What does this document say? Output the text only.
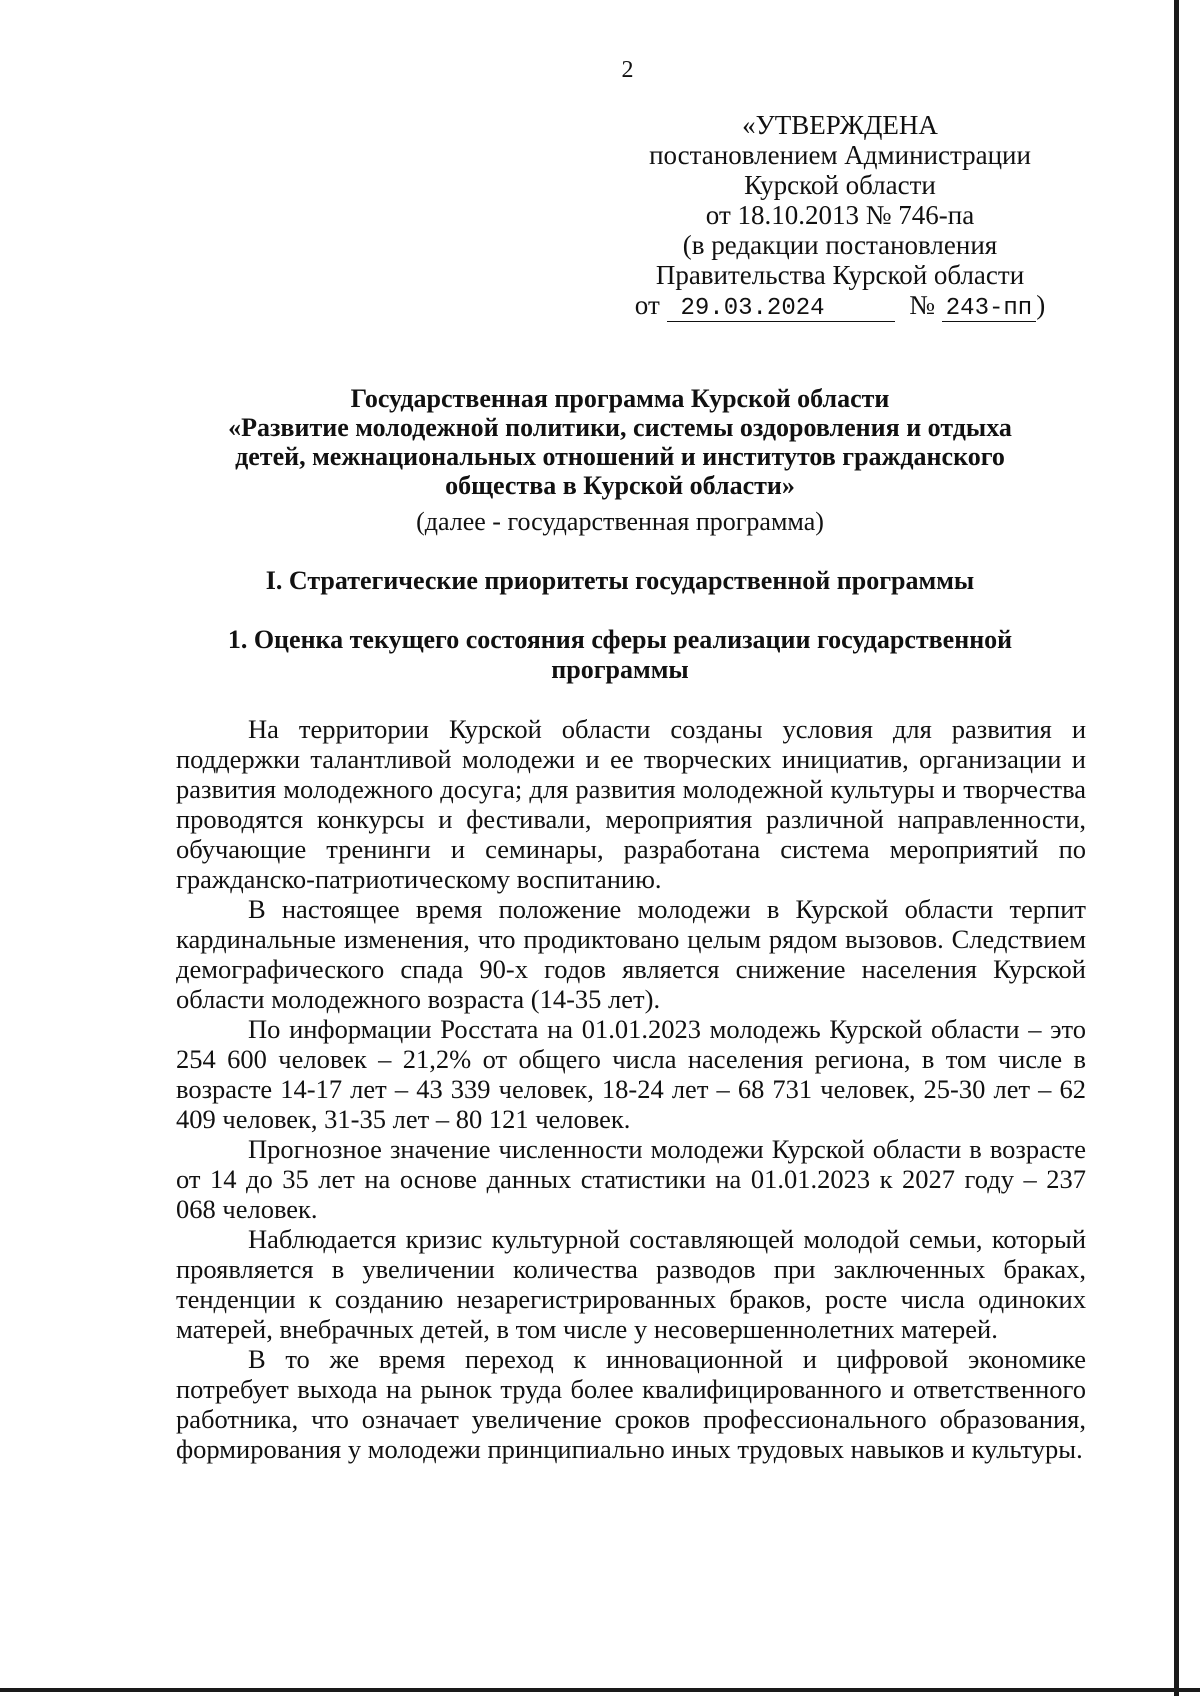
2
«УТВЕРЖДЕНА
постановлением Администрации
Курской области
от 18.10.2013 № 746-па
(в редакции постановления
Правительства Курской области
от 29.03.2024	№ 243-пп )
Государственная программа Курской области
«Развитие молодежной политики, системы оздоровления и отдыха
детей, межнациональных отношений и институтов гражданского
общества в Курской области»
(далее - государственная программа)
I. Стратегические приоритеты государственной программы
1. Оценка текущего состояния сферы реализации государственной
программы

На территории Курской области созданы условия для развития и поддержки талантливой молодежи и ее творческих инициатив, организации и развития молодежного досуга; для развития молодежной культуры и творчества проводятся конкурсы и фестивали, мероприятия различной направленности, обучающие тренинги и семинары, разработана система мероприятий по гражданско-патриотическому воспитанию.

В настоящее время положение молодежи в Курской области терпит кардинальные изменения, что продиктовано целым рядом вызовов. Следствием демографического спада 90-х годов является снижение населения Курской области молодежного возраста (14-35 лет).

По информации Росстата на 01.01.2023 молодежь Курской области – это 254 600 человек – 21,2% от общего числа населения региона, в том числе в возрасте 14-17 лет – 43 339 человек, 18-24 лет – 68 731 человек, 25-30 лет – 62 409 человек, 31-35 лет – 80 121 человек.

Прогнозное значение численности молодежи Курской области в возрасте от 14 до 35 лет на основе данных статистики на 01.01.2023 к 2027 году – 237 068 человек.

Наблюдается кризис культурной составляющей молодой семьи, который проявляется в увеличении количества разводов при заключенных браках, тенденции к созданию незарегистрированных браков, росте числа одиноких матерей, внебрачных детей, в том числе у несовершеннолетних матерей.

В то же время переход к инновационной и цифровой экономике потребует выхода на рынок труда более квалифицированного и ответственного работника, что означает увеличение сроков профессионального образования, формирования у молодежи принципиально иных трудовых навыков и культуры.
